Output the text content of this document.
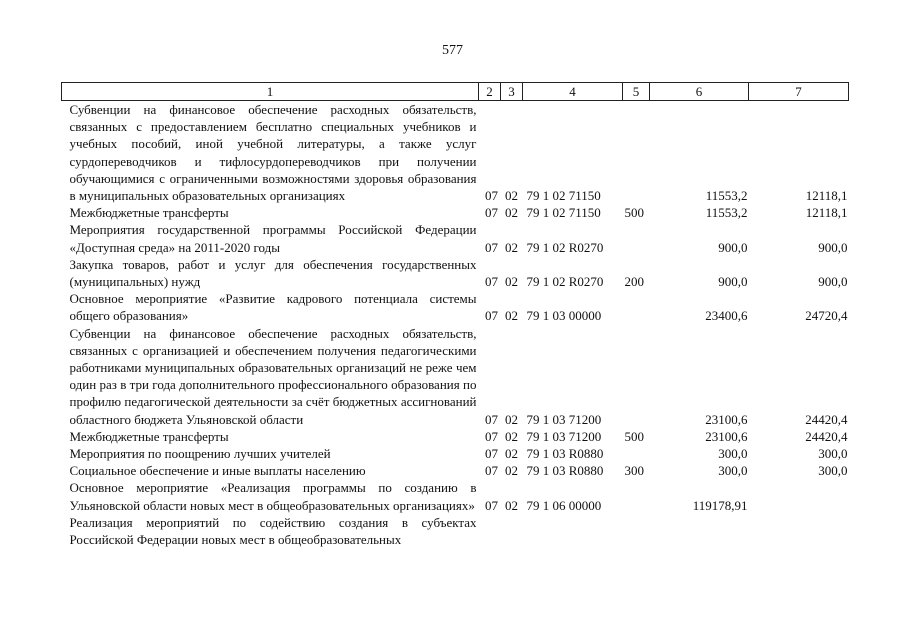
577
1	2	3	4	5	6	7
Субвенции на финансовое обеспечение расходных обязательств, связанных с предоставлением бесплатно специальных учебников и учебных пособий, иной учебной литературы, а также услуг сурдопереводчиков и тифлосурдопереводчиков при получении обучающимися с ограниченными возможностями здоровья образования в муниципальных образовательных организациях	07	02	79 1 02 71150		11553,2	12118,1
Межбюджетные трансферты	07	02	79 1 02 71150	500	11553,2	12118,1
Мероприятия государственной программы Российской Федерации «Доступная среда» на 2011-2020 годы	07	02	79 1 02 R0270		900,0	900,0
Закупка товаров, работ и услуг для обеспечения государственных (муниципальных) нужд	07	02	79 1 02 R0270	200	900,0	900,0
Основное мероприятие «Развитие кадрового потенциала системы общего образования»	07	02	79 1 03 00000		23400,6	24720,4
Субвенции на финансовое обеспечение расходных обязательств, связанных с организацией и обеспечением получения педагогическими работниками муниципальных образовательных организаций не реже чем один раз в три года дополнительного профессионального образования по профилю педагогической деятельности за счёт бюджетных ассигнований областного бюджета Ульяновской области	07	02	79 1 03 71200		23100,6	24420,4
Межбюджетные трансферты	07	02	79 1 03 71200	500	23100,6	24420,4
Мероприятия по поощрению лучших учителей	07	02	79 1 03 R0880		300,0	300,0
Социальное обеспечение и иные выплаты населению	07	02	79 1 03 R0880	300	300,0	300,0
Основное мероприятие «Реализация программы по созданию в Ульяновской области новых мест в общеобразовательных организациях»	07	02	79 1 06 00000		119178,91	
Реализация мероприятий по содействию создания в субъектах Российской Федерации новых мест в общеобразовательных						
